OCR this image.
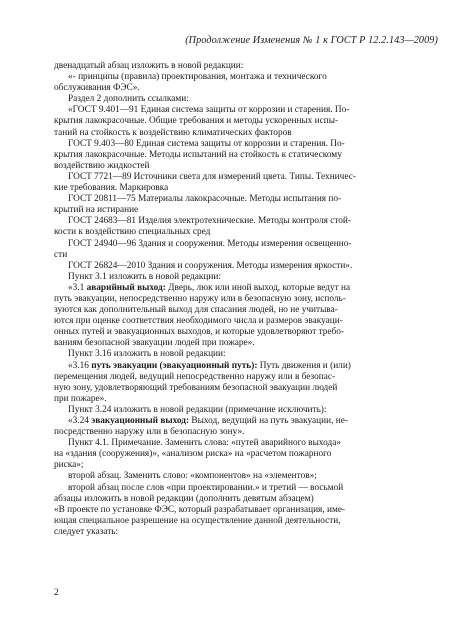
(Продолжение Изменения № 1 к ГОСТ Р 12.2.143—2009)
двенадцатый абзац изложить в новой редакции:
«- принципы (правила) проектирования, монтажа и технического
обслуживания ФЭС».
Раздел 2 дополнить ссылками:
«ГОСТ 9.401—91 Единая система защиты от коррозии и старения. По-
крытия лакокрасочные. Общие требования и методы ускоренных испы-
таний на стойкость к воздействию климатических факторов
ГОСТ 9.403—80 Единая система защиты от коррозии и старения. По-
крытия лакокрасочные. Методы испытаний на стойкость к статическому
воздействию жидкостей
ГОСТ 7721—89 Источники света для измерений цвета. Типы. Техничес-
кие требования. Маркировка
ГОСТ 20811—75 Материалы лакокрасочные. Методы испытания по-
крытий на истирание
ГОСТ 24683—81 Изделия электротехнические. Методы контроля стой-
кости к воздействию специальных сред
ГОСТ 24940—96 Здания и сооружения. Методы измерения освещенно-
сти
ГОСТ 26824—2010 Здания и сооружения. Методы измерения яркости».
Пункт 3.1 изложить в новой редакции:
«3.1 аварийный выход: Дверь, люк или иной выход, которые ведут на
путь эвакуации, непосредственно наружу или в безопасную зону, исполь-
зуются как дополнительный выход для спасания людей, но не учитыва-
ются при оценке соответствия необходимого числа и размеров эвакуаци-
онных путей и эвакуационных выходов, и которые удовлетворяют требо-
ваниям безопасной эвакуации людей при пожаре».
Пункт 3.16 изложить в новой редакции:
«3.16 путь эвакуации (эвакуационный путь): Путь движения и (или)
перемещения людей, ведущий непосредственно наружу или в безопас-
ную зону, удовлетворяющий требованиям безопасной эвакуации людей
при пожаре».
Пункт 3.24 изложить в новой редакции (примечание исключить):
«3.24 эвакуационный выход: Выход, ведущий на путь эвакуации, не-
посредственно наружу или в безопасную зону».
Пункт 4.1. Примечание. Заменить слова: «путей аварийного выхода»
на «здания (сооружения)», «анализом риска» на «расчетом пожарного
риска»;
второй абзац. Заменить слово: «компонентов» на «элементов»;
второй абзац после слов «при проектировании.» и третий — восьмой
абзацы изложить в новой редакции (дополнить девятым абзацем)
«В проекте по установке ФЭС, который разрабатывает организация, име-
ющая специальное разрешение на осуществление данной деятельности,
следует указать:
2
